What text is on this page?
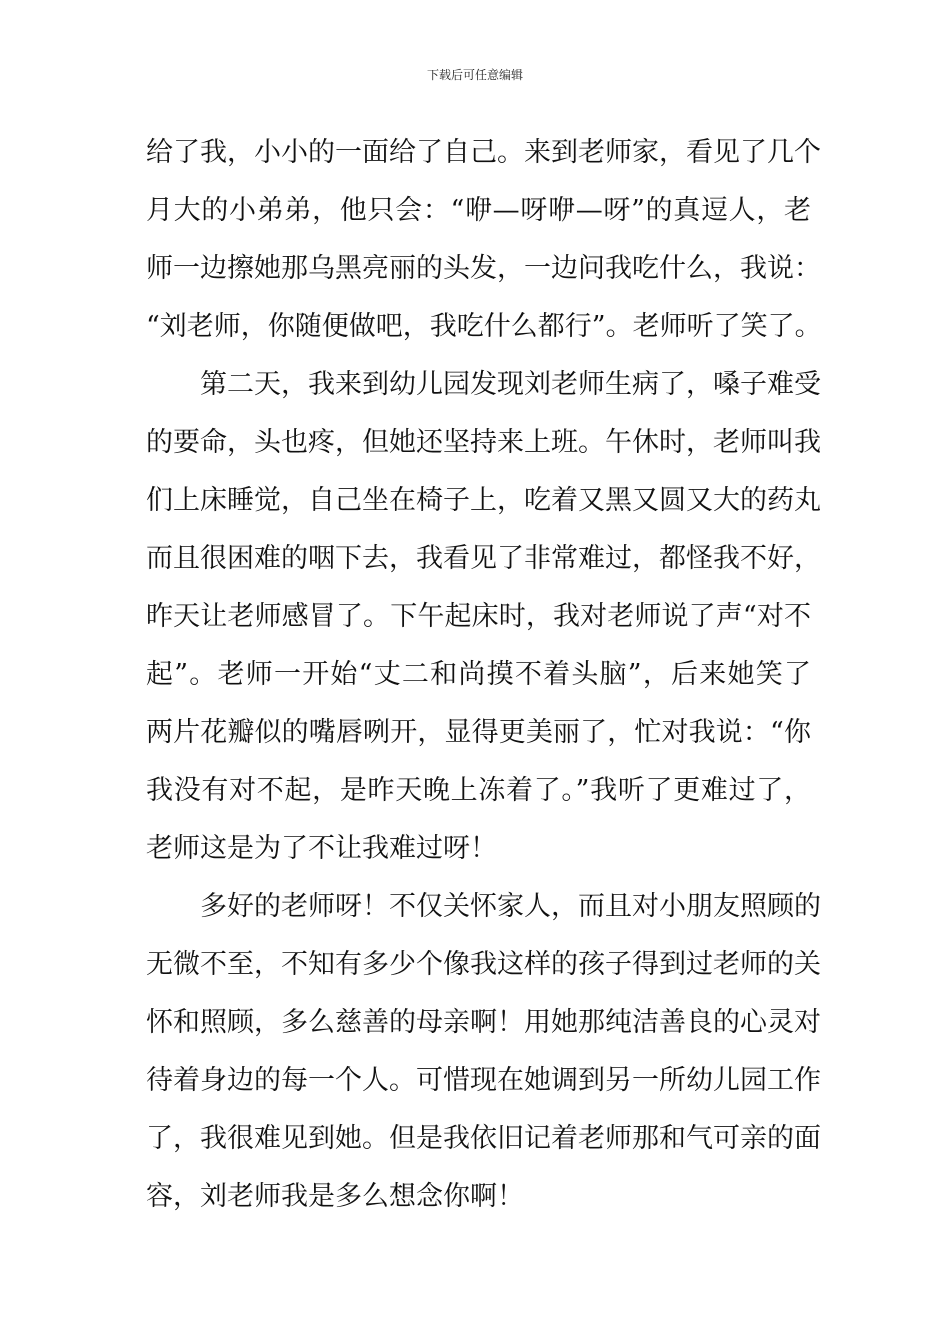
下载后可任意编辑
给了我，小小的一面给了自己。来到老师家，看见了几个
月大的小弟弟，他只会：“咿—呀咿—呀”的真逗人，老
师一边擦她那乌黑亮丽的头发，一边问我吃什么，我说：
“刘老师，你随便做吧，我吃什么都行”。老师听了笑了。
第二天，我来到幼儿园发现刘老师生病了，嗓子难受
的要命，头也疼，但她还坚持来上班。午休时，老师叫我
们上床睡觉，自己坐在椅子上，吃着又黑又圆又大的药丸
而且很困难的咽下去，我看见了非常难过，都怪我不好，
昨天让老师感冒了。下午起床时，我对老师说了声“对不
起”。老师一开始“丈二和尚摸不着头脑”，后来她笑了
两片花瓣似的嘴唇咧开，显得更美丽了，忙对我说：“你
我没有对不起，是昨天晚上冻着了。”我听了更难过了，
老师这是为了不让我难过呀！
多好的老师呀！不仅关怀家人，而且对小朋友照顾的
无微不至，不知有多少个像我这样的孩子得到过老师的关
怀和照顾，多么慈善的母亲啊！用她那纯洁善良的心灵对
待着身边的每一个人。可惜现在她调到另一所幼儿园工作
了，我很难见到她。但是我依旧记着老师那和气可亲的面
容，刘老师我是多么想念你啊！
